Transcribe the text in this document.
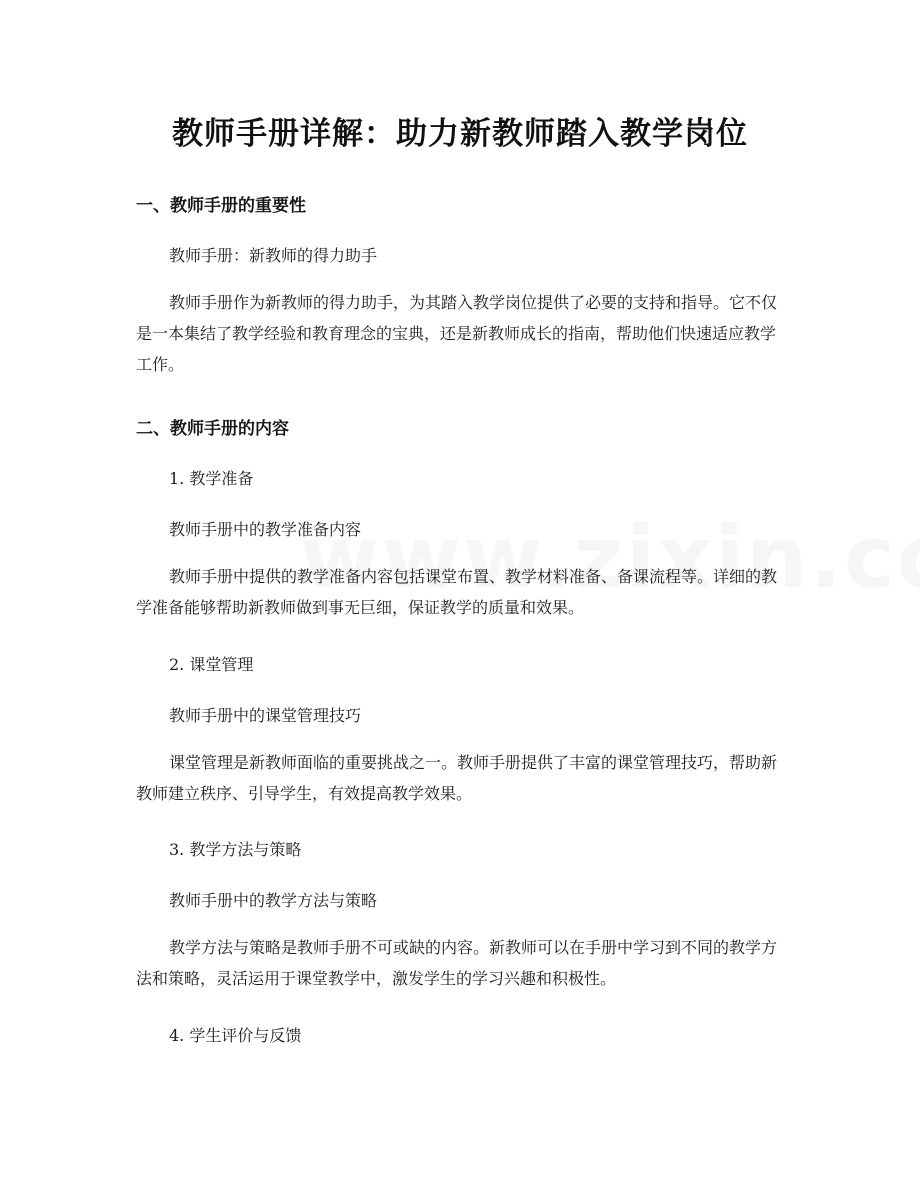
教师手册详解：助力新教师踏入教学岗位
一、教师手册的重要性
教师手册：新教师的得力助手
教师手册作为新教师的得力助手，为其踏入教学岗位提供了必要的支持和指导。它不仅是一本集结了教学经验和教育理念的宝典，还是新教师成长的指南，帮助他们快速适应教学工作。
二、教师手册的内容
1. 教学准备
教师手册中的教学准备内容
教师手册中提供的教学准备内容包括课堂布置、教学材料准备、备课流程等。详细的教学准备能够帮助新教师做到事无巨细，保证教学的质量和效果。
2. 课堂管理
教师手册中的课堂管理技巧
课堂管理是新教师面临的重要挑战之一。教师手册提供了丰富的课堂管理技巧，帮助新教师建立秩序、引导学生，有效提高教学效果。
3. 教学方法与策略
教师手册中的教学方法与策略
教学方法与策略是教师手册不可或缺的内容。新教师可以在手册中学习到不同的教学方法和策略，灵活运用于课堂教学中，激发学生的学习兴趣和积极性。
4. 学生评价与反馈
